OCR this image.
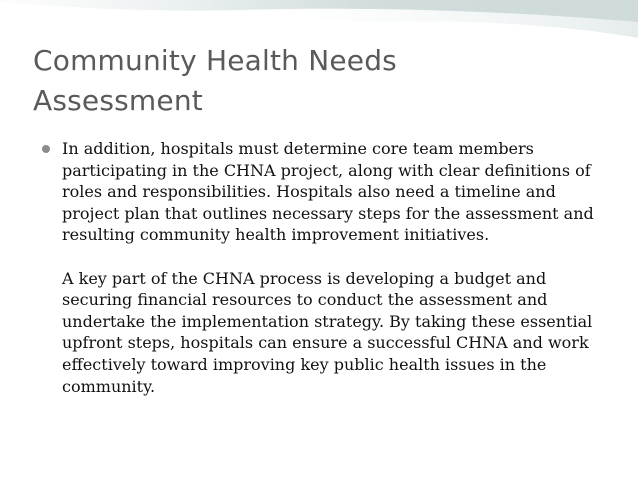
Community Health Needs
Assessment

In addition, hospitals must determine core team members participating in the CHNA project, along with clear definitions of roles and responsibilities. Hospitals also need a timeline and project plan that outlines necessary steps for the assessment and resulting community health improvement initiatives.

A key part of the CHNA process is developing a budget and securing financial resources to conduct the assessment and undertake the implementation strategy. By taking these essential upfront steps, hospitals can ensure a successful CHNA and work effectively toward improving key public health issues in the community.
